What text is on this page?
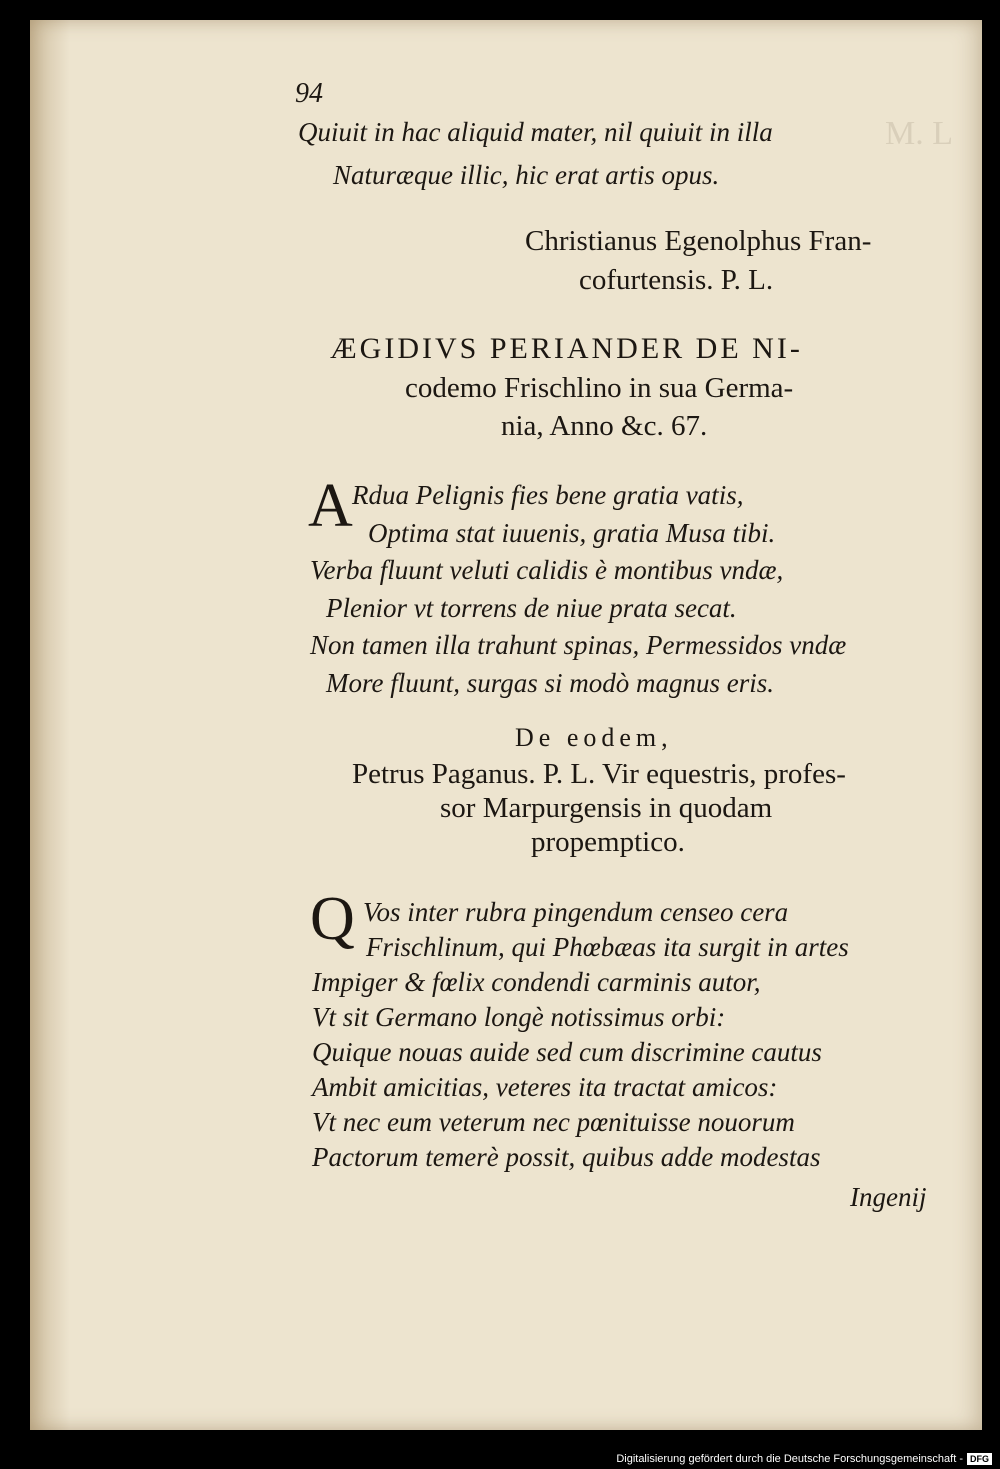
M. L
94
Quiuit in hac aliquid mater, nil quiuit in illa
Naturæque illic, hic erat artis opus.
Christianus Egenolphus Fran-
cofurtensis. P. L.
ÆGIDIVS PERIANDER DE NI-
codemo Frischlino in sua Germa-
nia, Anno &c. 67.
A Rdua Pelignis fies bene gratia vatis,
Optima stat iuuenis, gratia Musa tibi.
Verba fluunt veluti calidis è montibus vndæ,
Plenior vt torrens de niue prata secat.
Non tamen illa trahunt spinas, Permessidos vndæ
More fluunt, surgas si modò magnus eris.
De eodem,
Petrus Paganus. P. L. Vir equestris, profes-
sor Marpurgensis in quodam
propemptico.
Q Vos inter rubra pingendum censeo cera
Frischlinum, qui Phœbæas ita surgit in artes
Impiger & fœlix condendi carminis autor,
Vt sit Germano longè notissimus orbi:
Quique nouas auide sed cum discrimine cautus
Ambit amicitias, veteres ita tractat amicos:
Vt nec eum veterum nec pœnituisse nouorum
Pactorum temerè possit, quibus adde modestas
Ingenij
Digitalisierung gefördert durch die Deutsche Forschungsgemeinschaft - DFG
